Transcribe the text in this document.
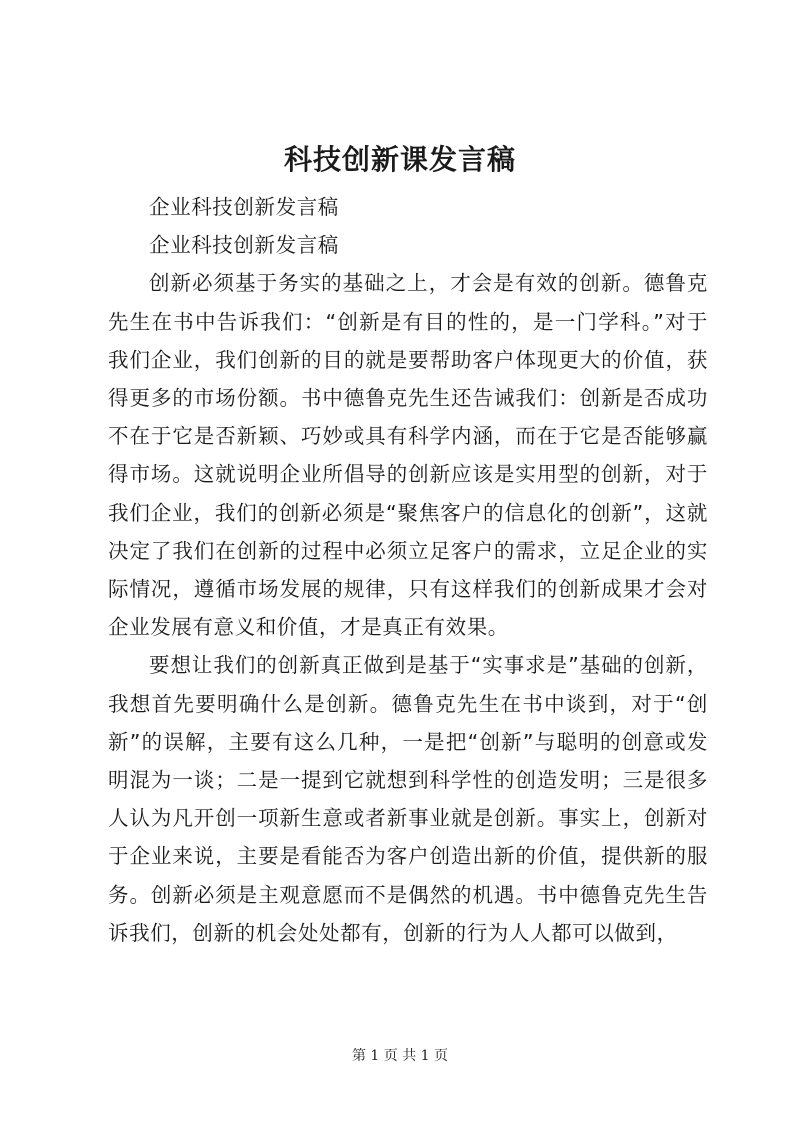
科技创新课发言稿

企业科技创新发言稿

企业科技创新发言稿

创新必须基于务实的基础之上，才会是有效的创新。德鲁克先生在书中告诉我们：“创新是有目的性的，是一门学科。”对于我们企业，我们创新的目的就是要帮助客户体现更大的价值，获得更多的市场份额。书中德鲁克先生还告诫我们：创新是否成功不在于它是否新颖、巧妙或具有科学内涵，而在于它是否能够赢得市场。这就说明企业所倡导的创新应该是实用型的创新，对于我们企业，我们的创新必须是“聚焦客户的信息化的创新”，这就决定了我们在创新的过程中必须立足客户的需求，立足企业的实际情况，遵循市场发展的规律，只有这样我们的创新成果才会对企业发展有意义和价值，才是真正有效果。

要想让我们的创新真正做到是基于“实事求是”基础的创新，我想首先要明确什么是创新。德鲁克先生在书中谈到，对于“创新”的误解，主要有这么几种，一是把“创新”与聪明的创意或发明混为一谈；二是一提到它就想到科学性的创造发明；三是很多人认为凡开创一项新生意或者新事业就是创新。事实上，创新对于企业来说，主要是看能否为客户创造出新的价值，提供新的服务。创新必须是主观意愿而不是偶然的机遇。书中德鲁克先生告诉我们，创新的机会处处都有，创新的行为人人都可以做到，

第 1 页 共 1 页
